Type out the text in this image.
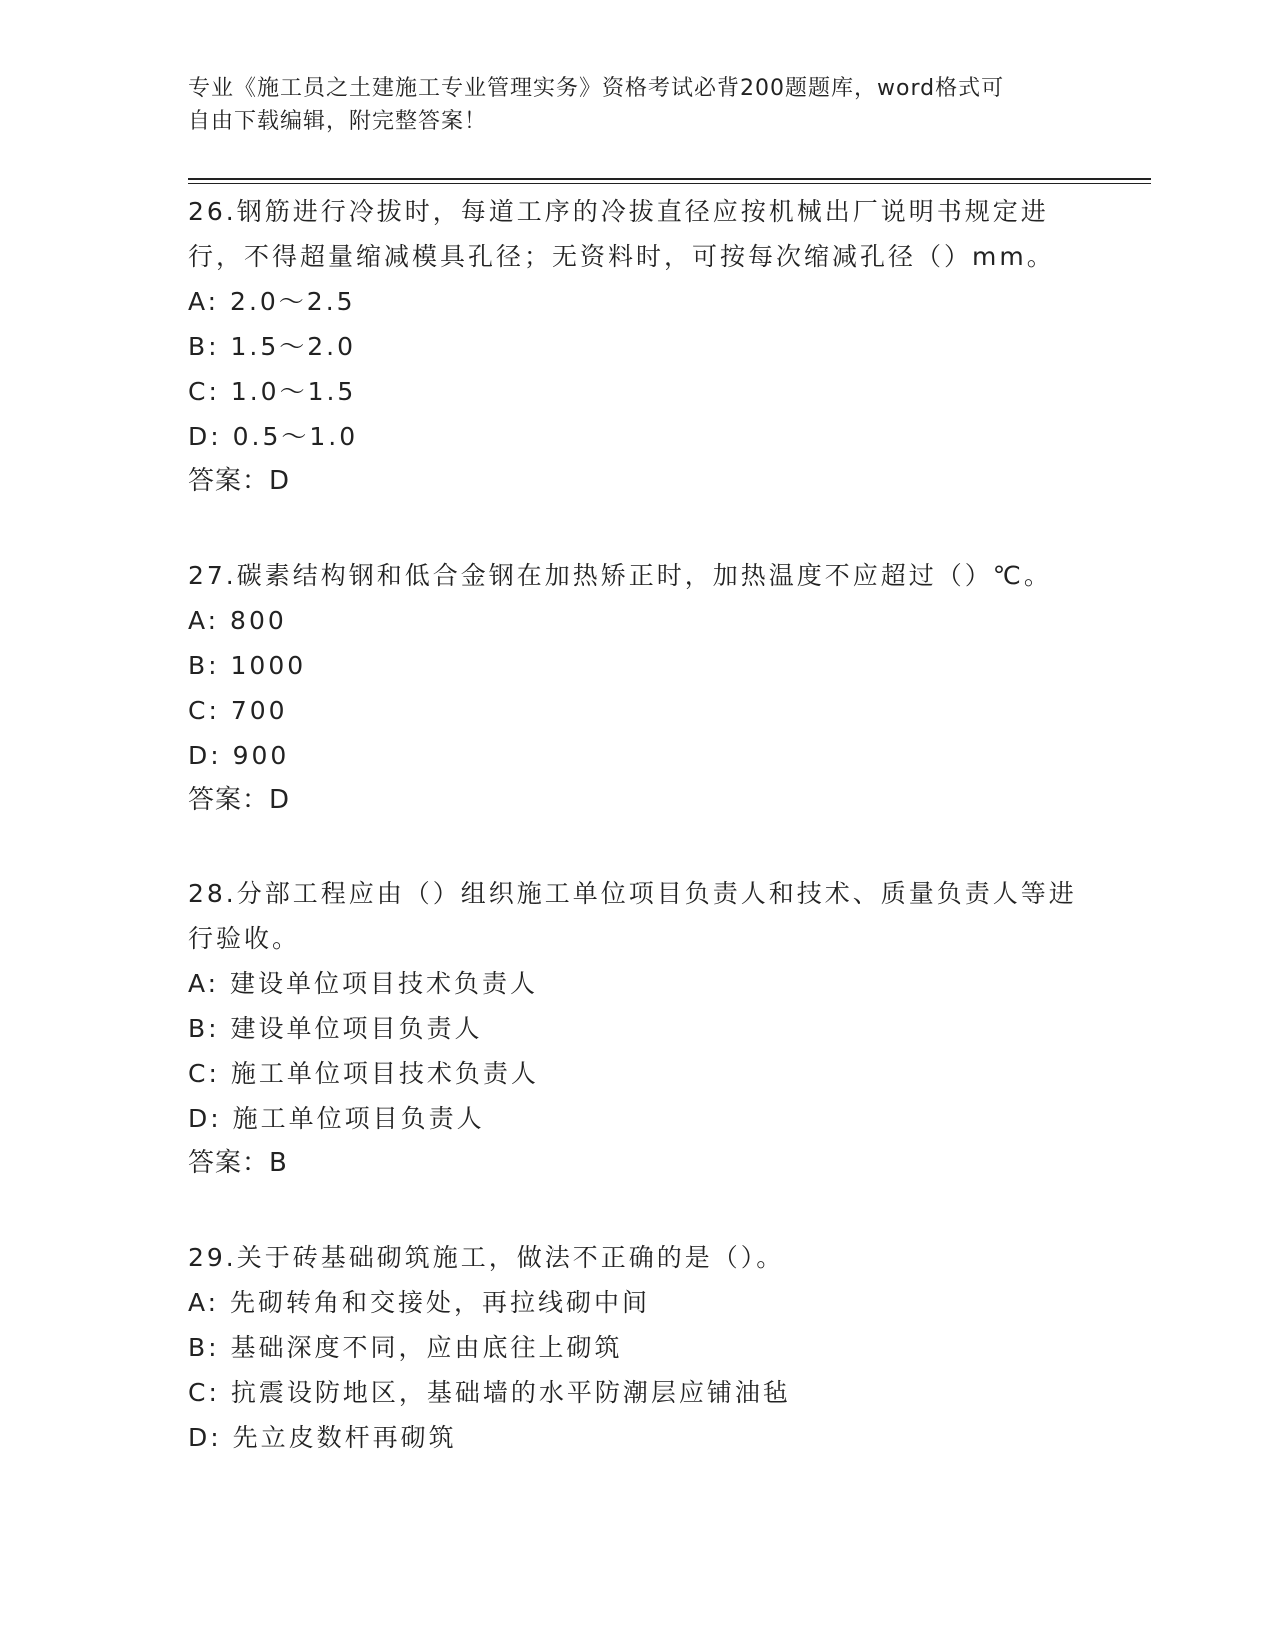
专业《施工员之土建施工专业管理实务》资格考试必背200题题库，word格式可
自由下载编辑，附完整答案！

26.钢筋进行冷拔时，每道工序的冷拔直径应按机械出厂说明书规定进行，不得超量缩减模具孔径；无资料时，可按每次缩减孔径（）mm。

A: 2.0～2.5

B: 1.5～2.0

C: 1.0～1.5

D: 0.5～1.0

答案：D

27.碳素结构钢和低合金钢在加热矫正时，加热温度不应超过（）℃。

A: 800

B: 1000

C: 700

D: 900

答案：D

28.分部工程应由（）组织施工单位项目负责人和技术、质量负责人等进行验收。

A: 建设单位项目技术负责人

B: 建设单位项目负责人

C: 施工单位项目技术负责人

D: 施工单位项目负责人

答案：B

29.关于砖基础砌筑施工，做法不正确的是（）。

A: 先砌转角和交接处，再拉线砌中间

B: 基础深度不同，应由底往上砌筑

C: 抗震设防地区，基础墙的水平防潮层应铺油毡

D: 先立皮数杆再砌筑
